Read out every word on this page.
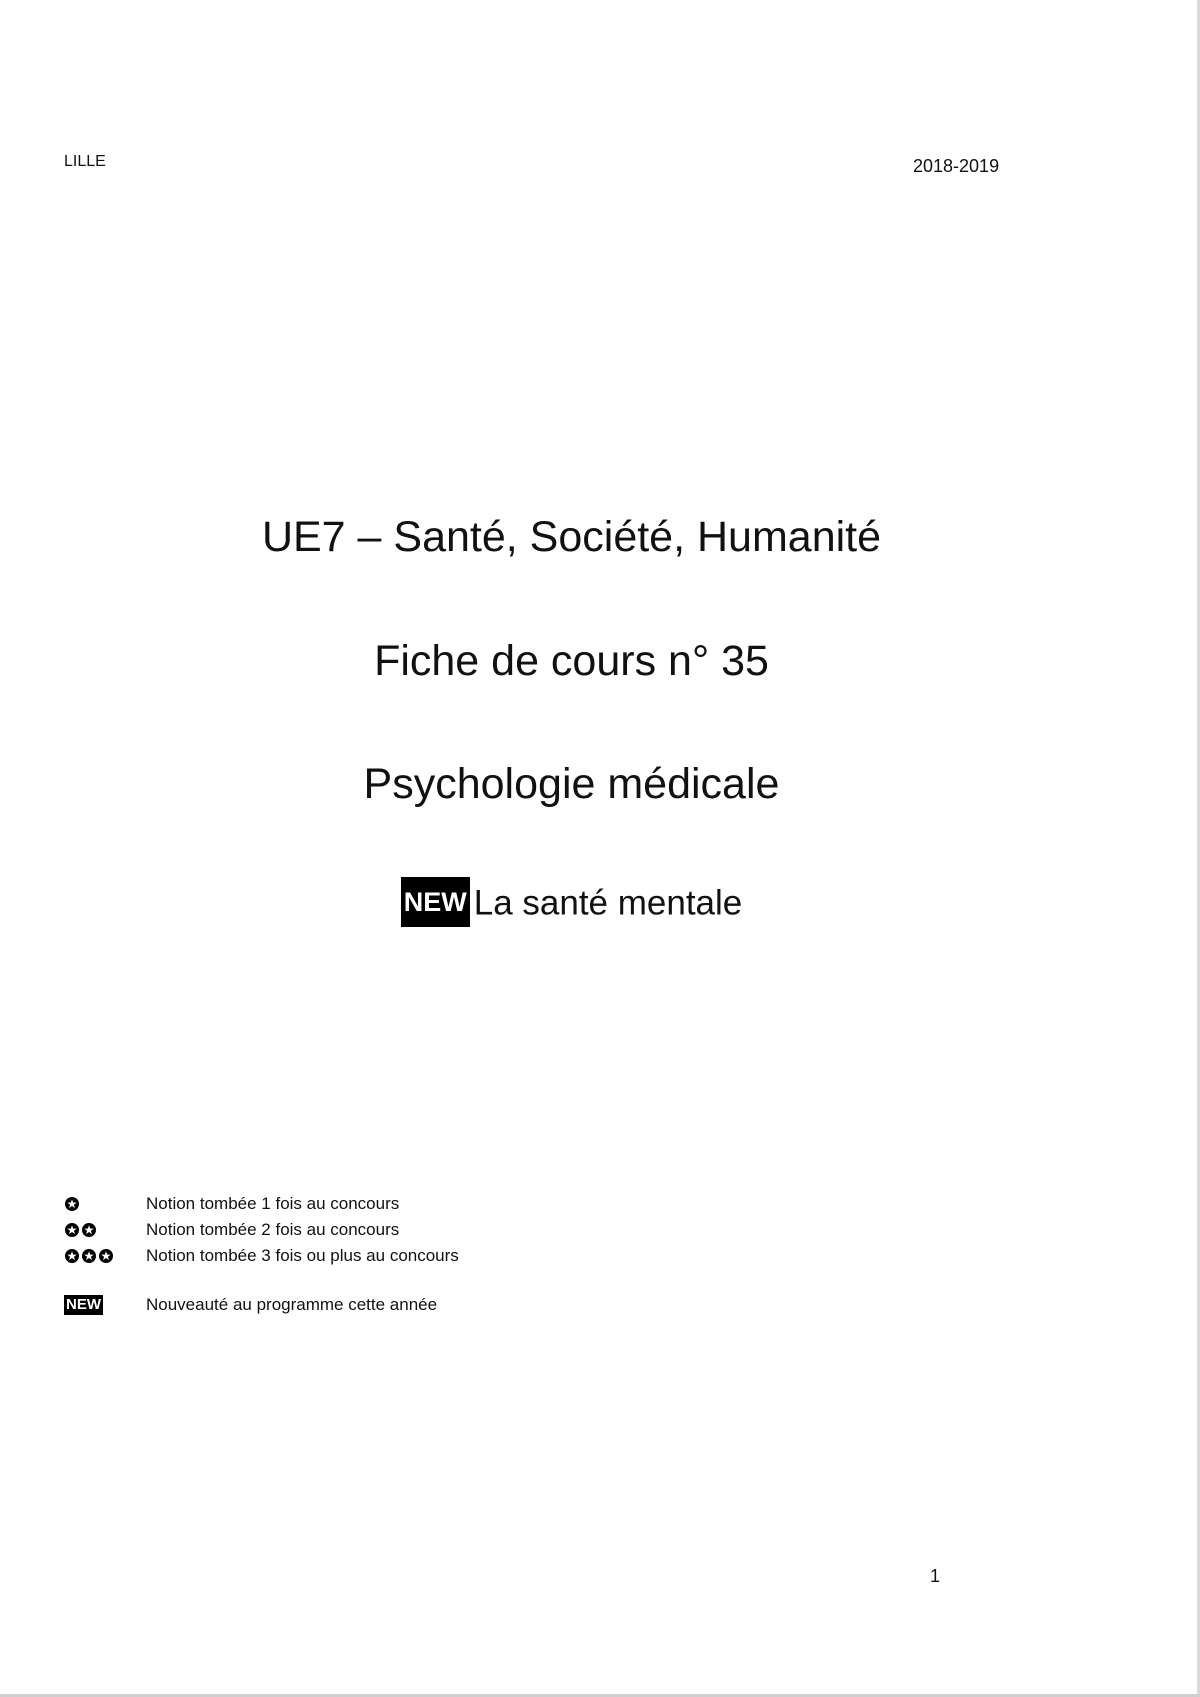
LILLE	2018-2019
UE7 – Santé, Société, Humanité
Fiche de cours n° 35
Psychologie médicale
NEW La santé mentale
Notion tombée 1 fois au concours
Notion tombée 2 fois au concours
Notion tombée 3 fois ou plus au concours
NEW	Nouveauté au programme cette année
1
